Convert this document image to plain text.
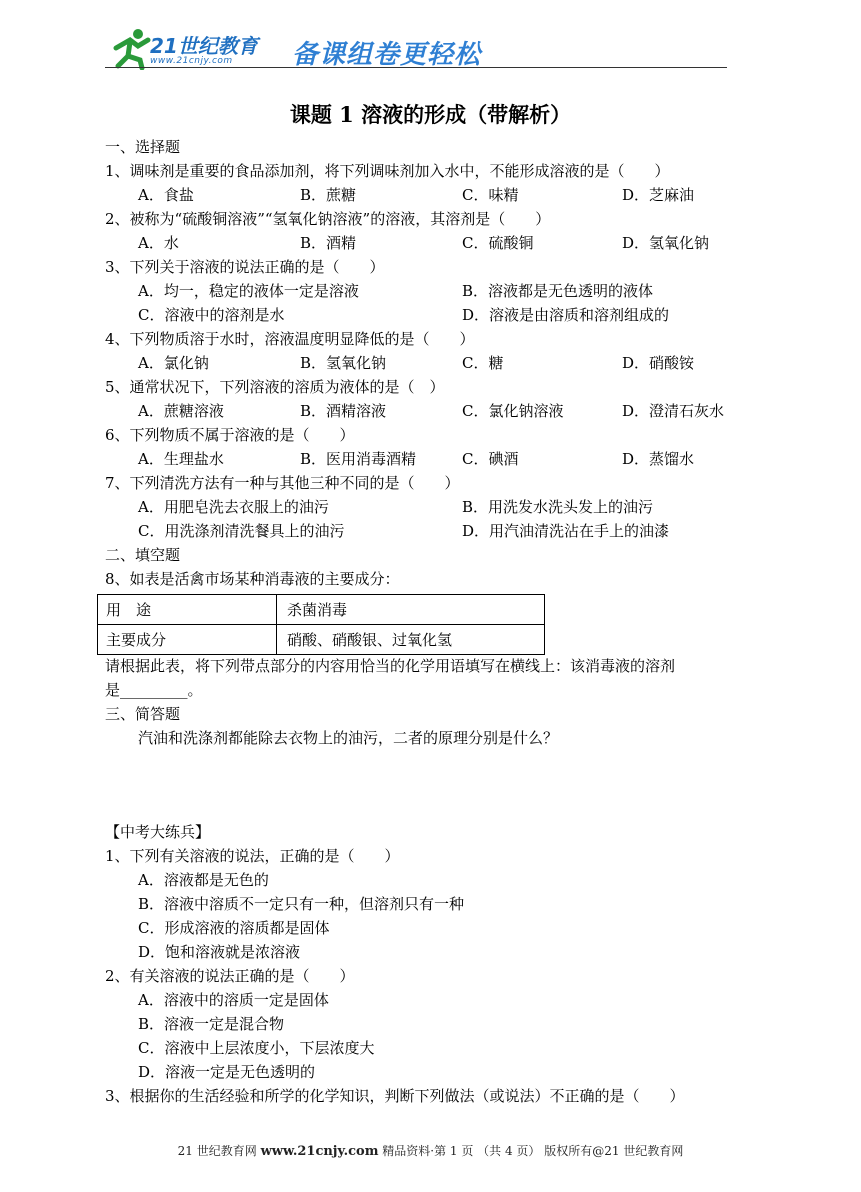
21世纪教育
www.21cnjy.com 备课组卷更轻松
课题 1 溶液的形成（带解析）
一、选择题
1、调味剂是重要的食品添加剂，将下列调味剂加入水中，不能形成溶液的是（　　）
A．食盐	B．蔗糖	C．味精	D．芝麻油
2、被称为“硫酸铜溶液”“氢氧化钠溶液”的溶液，其溶剂是（　　）
A．水	B．酒精	C．硫酸铜	D．氢氧化钠
3、下列关于溶液的说法正确的是（　　）
A．均一，稳定的液体一定是溶液	B．溶液都是无色透明的液体
C．溶液中的溶剂是水	D．溶液是由溶质和溶剂组成的
4、下列物质溶于水时，溶液温度明显降低的是（　　）
A．氯化钠	B．氢氧化钠	C．糖	D．硝酸铵
5、通常状况下，下列溶液的溶质为液体的是（　）
A．蔗糖溶液	B．酒精溶液	C．氯化钠溶液	D．澄清石灰水
6、下列物质不属于溶液的是（　　）
A．生理盐水	B．医用消毒酒精	C．碘酒	D．蒸馏水
7、下列清洗方法有一种与其他三种不同的是（　　）
A．用肥皂洗去衣服上的油污	B．用洗发水洗头发上的油污
C．用洗涤剂清洗餐具上的油污	D．用汽油清洗沾在手上的油漆
二、填空题
8、如表是活禽市场某种消毒液的主要成分：
用　途	杀菌消毒
主要成分	硝酸、硝酸银、过氧化氢
请根据此表，将下列带点部分的内容用恰当的化学用语填写在横线上：该消毒液的溶剂
是_________。
三、简答题
汽油和洗涤剂都能除去衣物上的油污，二者的原理分别是什么？
【中考大练兵】
1、下列有关溶液的说法，正确的是（　　）
A．溶液都是无色的
B．溶液中溶质不一定只有一种，但溶剂只有一种
C．形成溶液的溶质都是固体
D．饱和溶液就是浓溶液
2、有关溶液的说法正确的是（　　）
A．溶液中的溶质一定是固体
B．溶液一定是混合物
C．溶液中上层浓度小，下层浓度大
D．溶液一定是无色透明的
3、根据你的生活经验和所学的化学知识，判断下列做法（或说法）不正确的是（　　）
21 世纪教育网 www.21cnjy.com 精品资料·第 1 页 （共 4 页） 版权所有@21 世纪教育网
